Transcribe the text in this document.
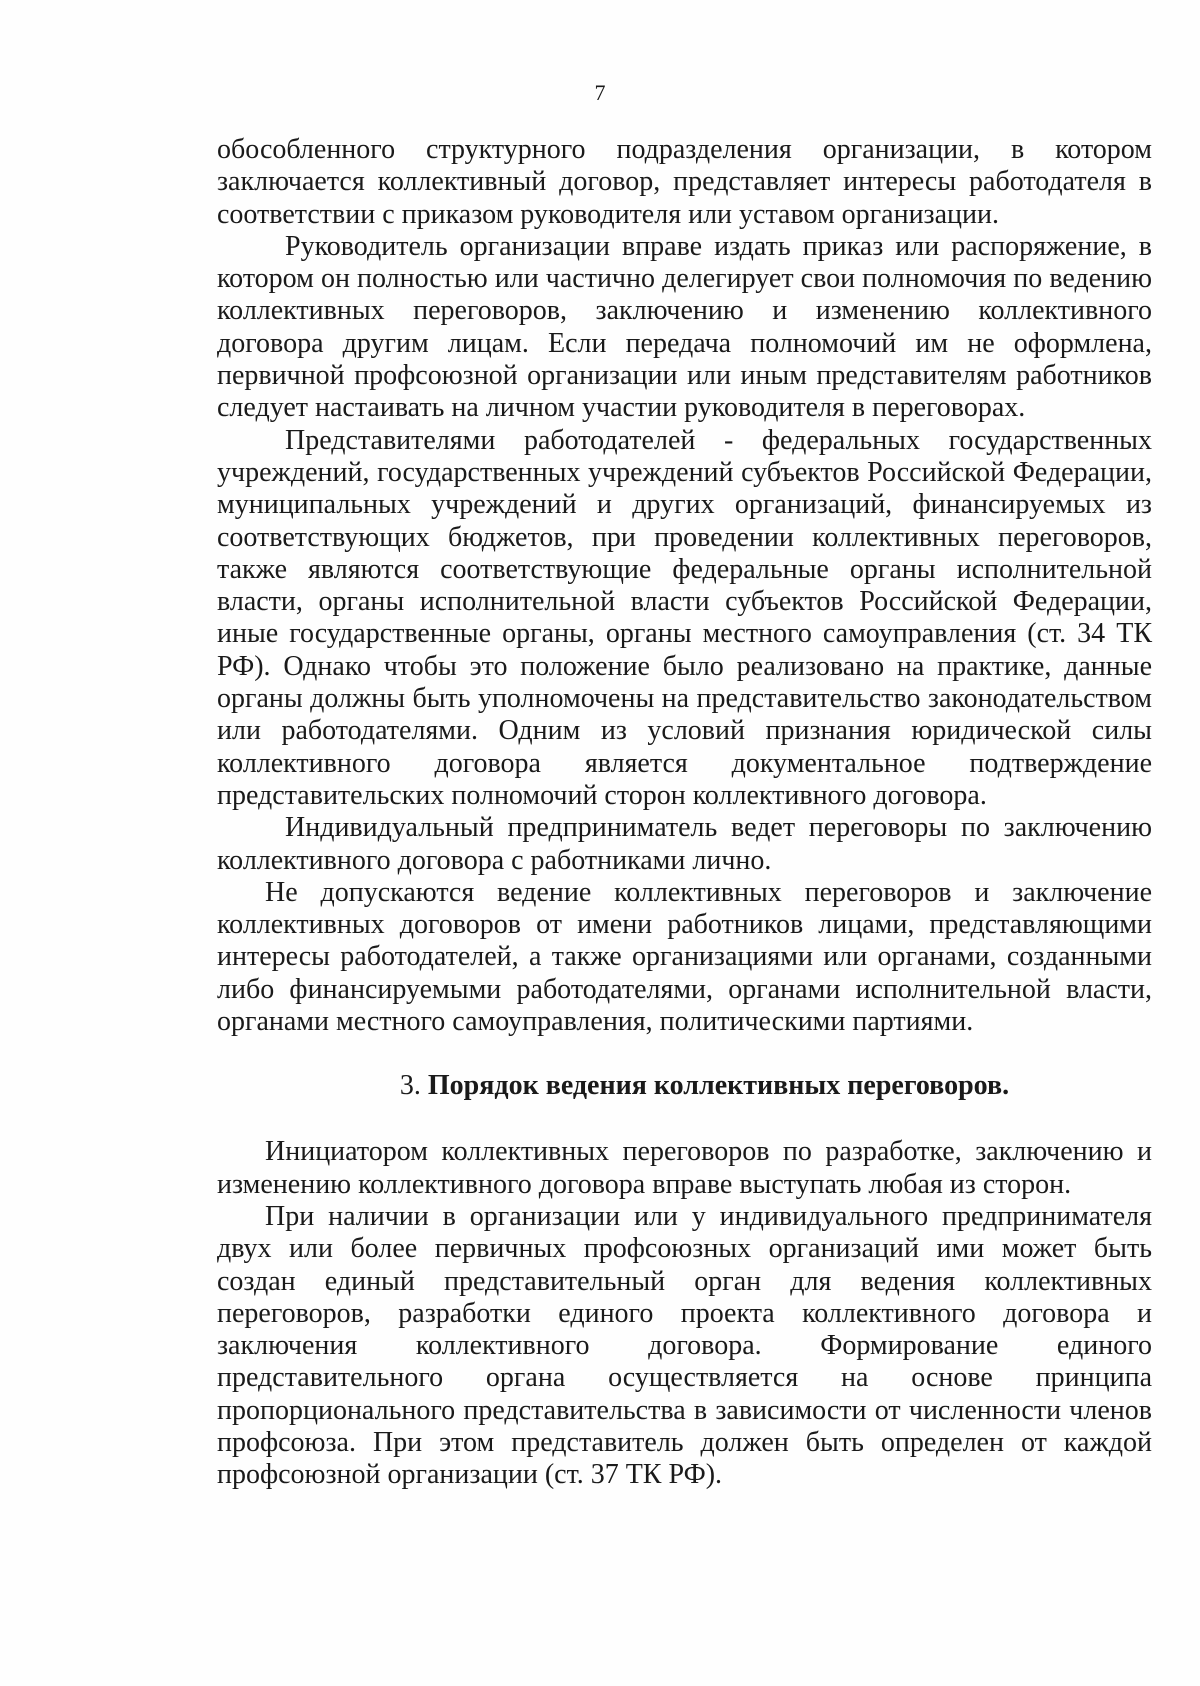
7

обособленного структурного подразделения организации, в котором заключается коллективный договор, представляет интересы работодателя в соответствии с приказом руководителя или уставом организации.

Руководитель организации вправе издать приказ или распоряжение, в котором он полностью или частично делегирует свои полномочия по ведению коллективных переговоров, заключению и изменению коллективного договора другим лицам. Если передача полномочий им не оформлена, первичной профсоюзной организации или иным представителям работников следует настаивать на личном участии руководителя в переговорах.

Представителями работодателей - федеральных государственных учреждений, государственных учреждений субъектов Российской Федерации, муниципальных учреждений и других организаций, финансируемых из соответствующих бюджетов, при проведении коллективных переговоров, также являются соответствующие федеральные органы исполнительной власти, органы исполнительной власти субъектов Российской Федерации, иные государственные органы, органы местного самоуправления (ст. 34 ТК РФ). Однако чтобы это положение было реализовано на практике, данные органы должны быть уполномочены на представительство законодательством или работодателями. Одним из условий признания юридической силы коллективного договора является документальное подтверждение представительских полномочий сторон коллективного договора.

Индивидуальный предприниматель ведет переговоры по заключению коллективного договора с работниками лично.

Не допускаются ведение коллективных переговоров и заключение коллективных договоров от имени работников лицами, представляющими интересы работодателей, а также организациями или органами, созданными либо финансируемыми работодателями, органами исполнительной власти, органами местного самоуправления, политическими партиями.

3. Порядок ведения коллективных переговоров.

Инициатором коллективных переговоров по разработке, заключению и изменению коллективного договора вправе выступать любая из сторон.

При наличии в организации или у индивидуального предпринимателя двух или более первичных профсоюзных организаций ими может быть создан единый представительный орган для ведения коллективных переговоров, разработки единого проекта коллективного договора и заключения коллективного договора. Формирование единого представительного органа осуществляется на основе принципа пропорционального представительства в зависимости от численности членов профсоюза. При этом представитель должен быть определен от каждой профсоюзной организации (ст. 37 ТК РФ).
